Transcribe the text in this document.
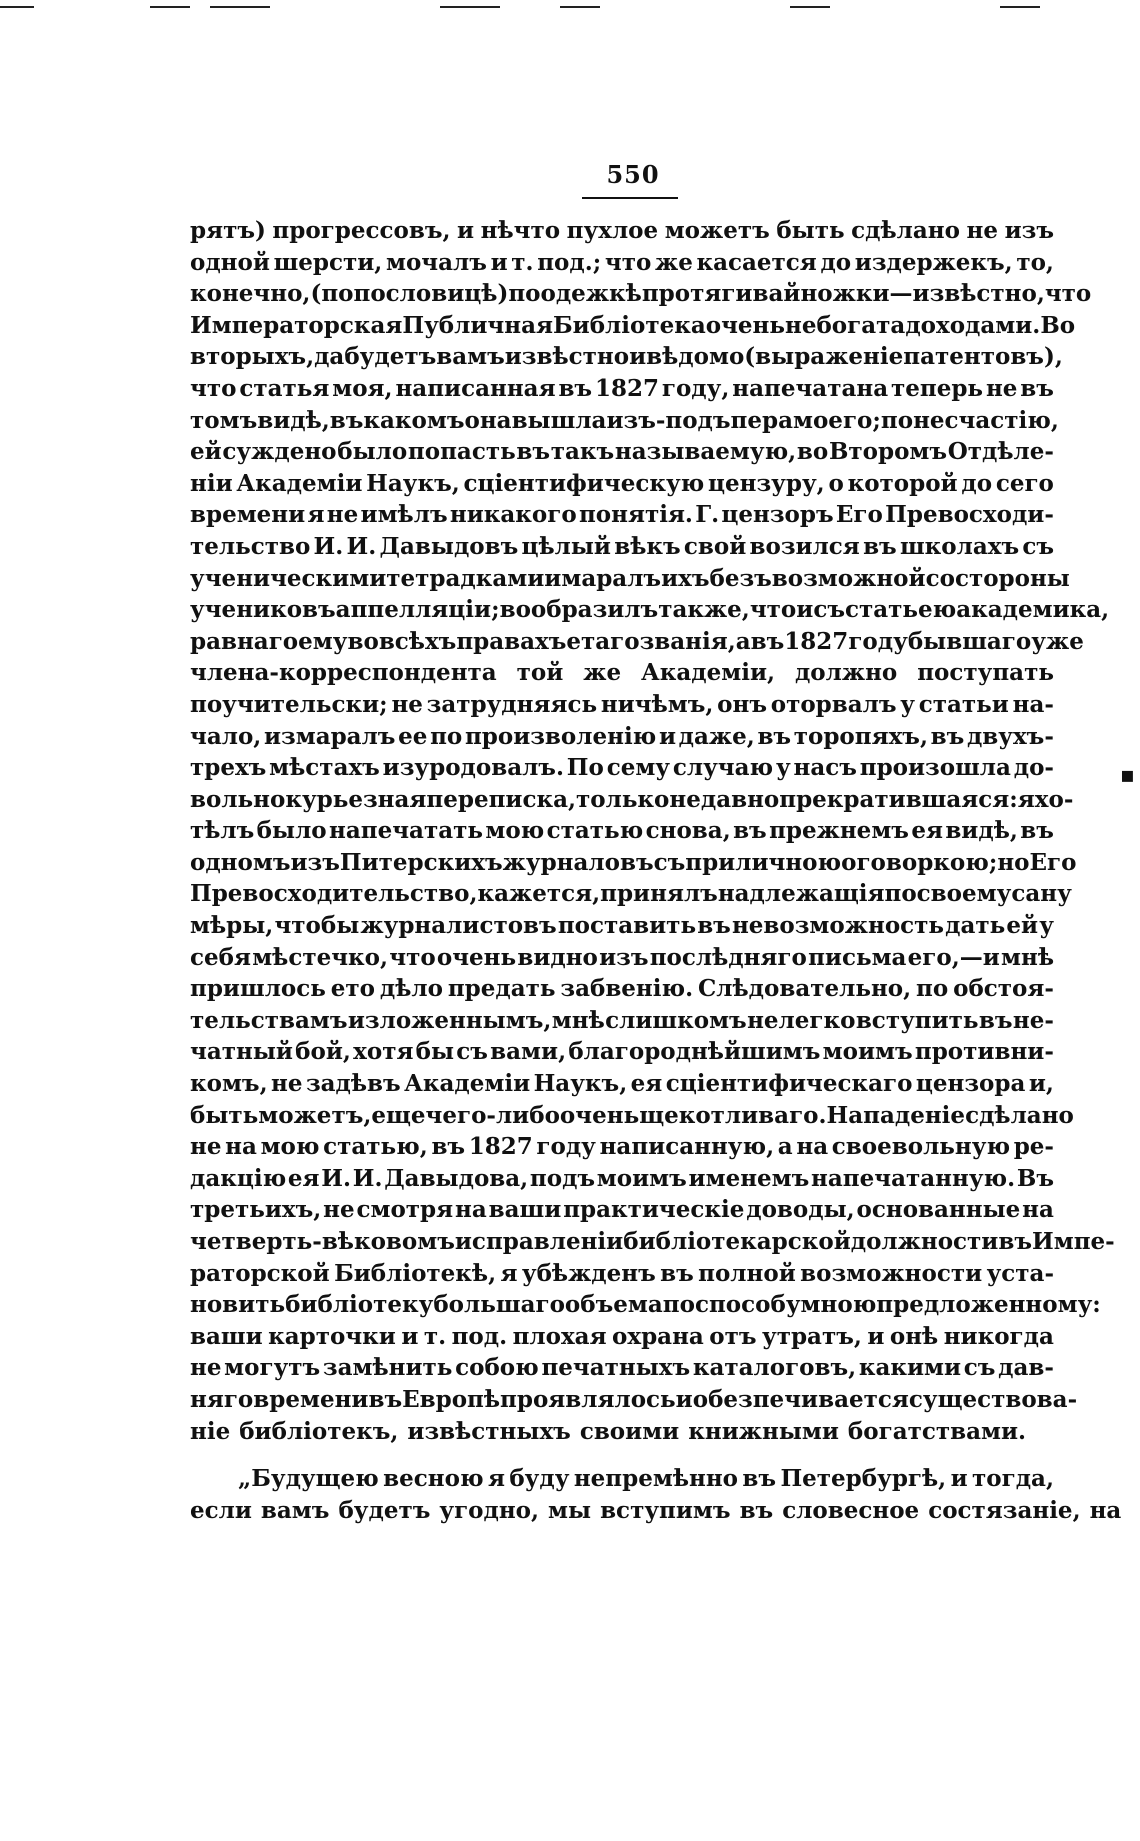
550
рятъ) прогрессовъ, и нѣчто пухлое можетъ быть сдѣлано не изъ
одной шерсти, мочалъ и т. под.; что же касается до издержекъ, то,
конечно, (по пословицѣ) по одежкѣ протягивай ножки—извѣстно, что
Императорская Публичная Библiотека очень небогата доходами. Во
вторыхъ, да будетъ вамъ извѣстно и вѣдомо (выраженiе патентовъ),
что статья моя, написанная въ 1827 году, напечатана теперь не въ
томъ видѣ, въ какомъ она вышла изъ-подъ пера моего; по несчастiю,
ей суждено было попасть въ такъ называемую, во Второмъ Отдѣле-
нiи Академiи Наукъ, сцiентифическую цензуру, о которой до сего
времени я не имѣлъ никакого понятiя. Г. цензоръ Его Превосходи-
тельство И. И. Давыдовъ цѣлый вѣкъ свой возился въ школахъ съ
ученическими тетрадками и маралъ ихъ безъ возможной со стороны
учениковъ аппелляцiи; вообразилъ также, что и съ статьею академика,
равнаго ему во всѣхъ правахъ етаго званiя, а въ 1827 году бывшаго уже
члена-корреспондента той же Академiи, должно поступать
поучительски; не затрудняясь ничѣмъ, онъ оторвалъ у статьи на-
чало, измаралъ ее по произволенiю и даже, въ торопяхъ, въ двухъ-
трехъ мѣстахъ изуродовалъ. По сему случаю у насъ произошла до-
вольно курьезная переписка, только недавно прекратившаяся: я хо-
тѣлъ было напечатать мою статью снова, въ прежнемъ ея видѣ, въ
одномъ изъ Питерскихъ журналовъ съ приличною оговоркою; но Его
Превосходительство, кажется, принялъ надлежащiя по своему сану
мѣры, чтобы журналистовъ поставить въ невозможность дать ей у
себя мѣстечко, что очень видно изъ послѣдняго письма его,—и мнѣ
пришлось ето дѣло предать забвенiю. Слѣдовательно, по обстоя-
тельствамъ изложеннымъ, мнѣ слишкомъ нелегко вступить въ не-
чатный бой, хотя бы съ вами, благороднѣйшимъ моимъ противни-
комъ, не задѣвъ Академiи Наукъ, ея сцiентифическаго цензора и,
быть можетъ, еще чего-либо очень щекотливаго. Нападенiе сдѣлано
не на мою статью, въ 1827 году написанную, а на своевольную ре-
дакцiю ея И. И. Давыдова, подъ моимъ именемъ напечатанную. Въ
третьихъ, не смотря на ваши практическiе доводы, основанные на
четверть-вѣковомъ исправленiи библiотекарской должности въ Импе-
раторской Библiотекѣ, я убѣжденъ въ полной возможности уста-
новить библiотеку большаго объема по способу мною предложенному:
ваши карточки и т. под. плохая охрана отъ утратъ, и онѣ никогда
не могутъ замѣнить собою печатныхъ каталоговъ, какими съ дав-
няго времени въ Европѣ проявлялось и обезпечивается существова-
нiе библiотекъ, извѣстныхъ своими книжными богатствами.
„Будущею весною я буду непремѣнно въ Петербургѣ, и тогда,
если вамъ будетъ угодно, мы вступимъ въ словесное состязанiе, на
▪
